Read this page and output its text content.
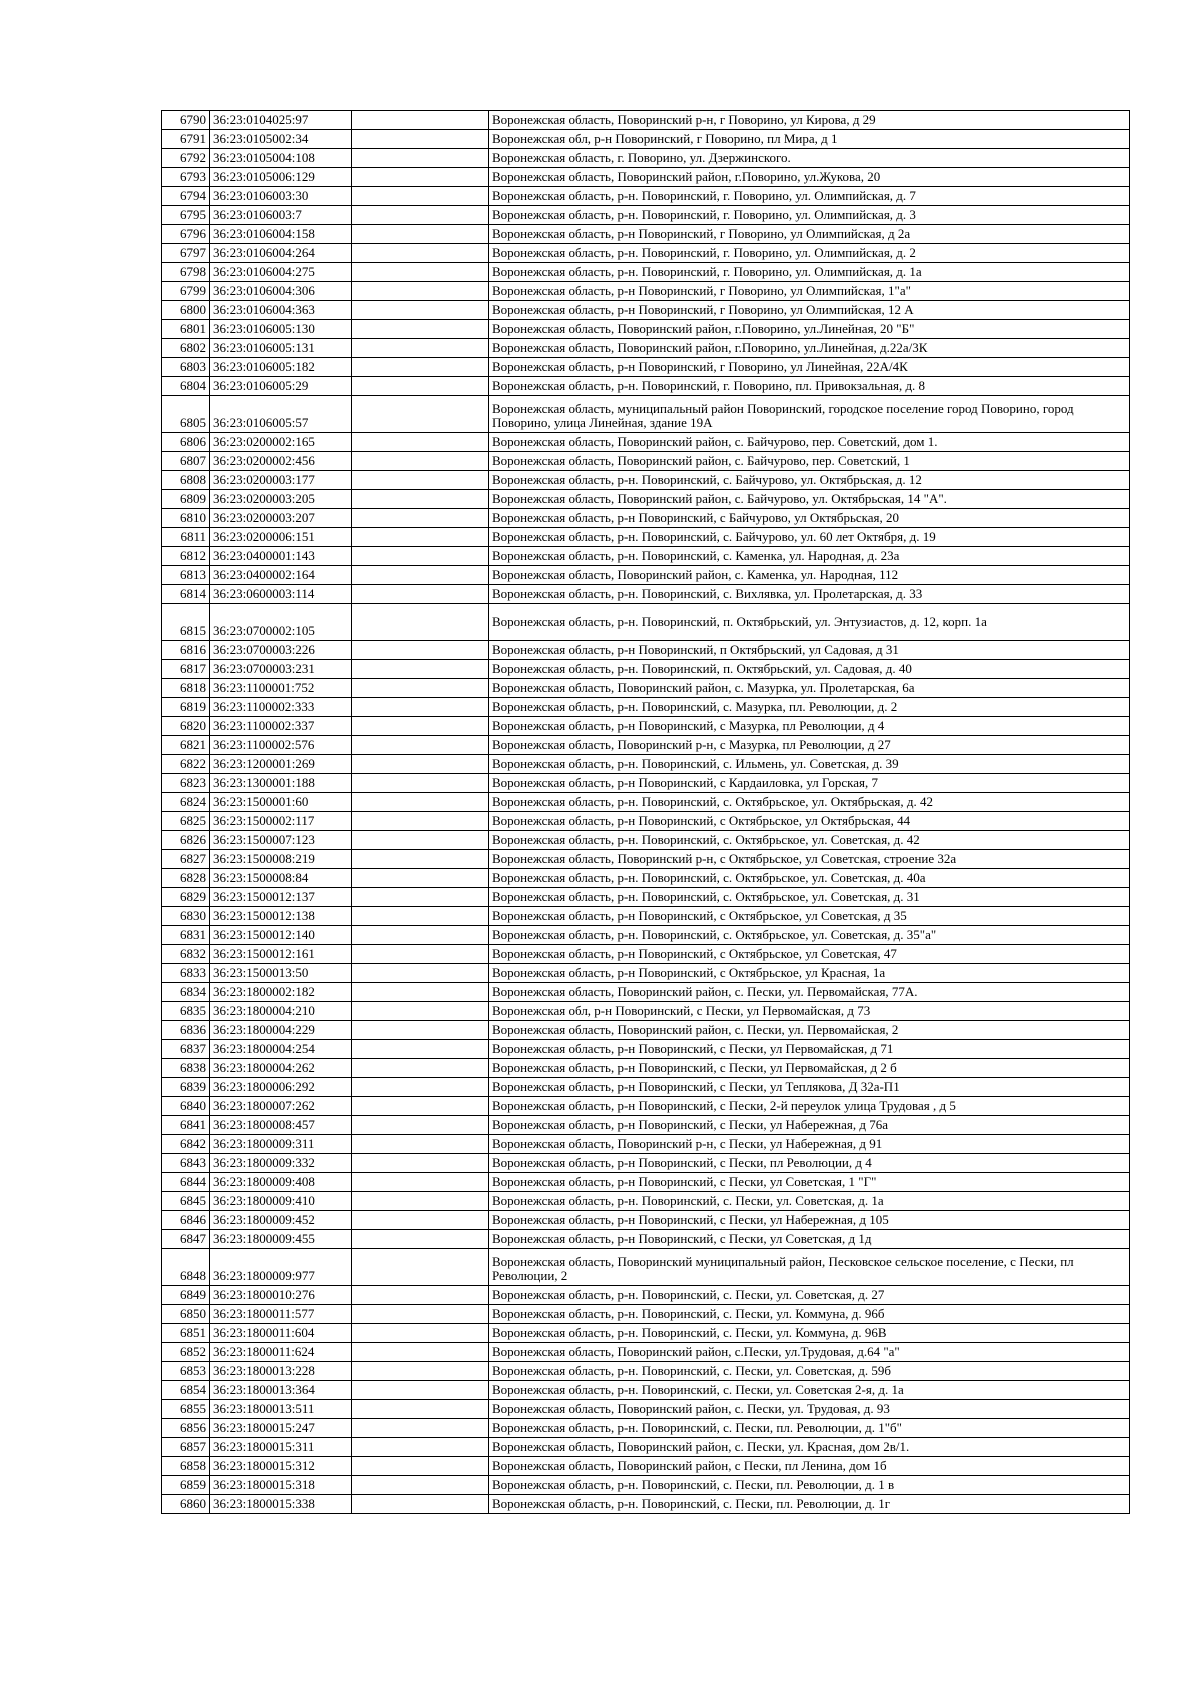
6790	36:23:0104025:97		Воронежская область, Поворинский р-н, г Поворино, ул Кирова, д 29
6791	36:23:0105002:34		Воронежская обл, р-н Поворинский, г Поворино, пл Мира, д 1
6792	36:23:0105004:108		Воронежская область, г. Поворино, ул. Дзержинского.
6793	36:23:0105006:129		Воронежская область, Поворинский район, г.Поворино, ул.Жукова, 20
6794	36:23:0106003:30		Воронежская область, р-н. Поворинский, г. Поворино, ул. Олимпийская, д. 7
6795	36:23:0106003:7		Воронежская область, р-н. Поворинский, г. Поворино, ул. Олимпийская, д. 3
6796	36:23:0106004:158		Воронежская область, р-н Поворинский, г Поворино, ул Олимпийская, д 2а
6797	36:23:0106004:264		Воронежская область, р-н. Поворинский, г. Поворино, ул. Олимпийская, д. 2
6798	36:23:0106004:275		Воронежская область, р-н. Поворинский, г. Поворино, ул. Олимпийская, д. 1а
6799	36:23:0106004:306		Воронежская область, р-н Поворинский, г Поворино, ул Олимпийская, 1"а"
6800	36:23:0106004:363		Воронежская область, р-н Поворинский, г Поворино, ул Олимпийская, 12 А
6801	36:23:0106005:130		Воронежская область, Поворинский район, г.Поворино, ул.Линейная, 20 "Б"
6802	36:23:0106005:131		Воронежская область, Поворинский район, г.Поворино, ул.Линейная, д.22а/3К
6803	36:23:0106005:182		Воронежская область, р-н Поворинский, г Поворино, ул Линейная, 22А/4К
6804	36:23:0106005:29		Воронежская область, р-н. Поворинский, г. Поворино, пл. Привокзальная, д. 8
6805	36:23:0106005:57		Воронежская область, муниципальный район Поворинский, городское поселение город Поворино, город Поворино, улица Линейная, здание 19А
6806	36:23:0200002:165		Воронежская область, Поворинский район, с. Байчурово, пер. Советский, дом 1.
6807	36:23:0200002:456		Воронежская область, Поворинский район, с. Байчурово, пер. Советский, 1
6808	36:23:0200003:177		Воронежская область, р-н. Поворинский, с. Байчурово, ул. Октябрьская, д. 12
6809	36:23:0200003:205		Воронежская область, Поворинский район, с. Байчурово, ул. Октябрьская, 14 "А".
6810	36:23:0200003:207		Воронежская область, р-н Поворинский, с Байчурово, ул Октябрьская, 20
6811	36:23:0200006:151		Воронежская область, р-н. Поворинский, с. Байчурово, ул. 60 лет Октября, д. 19
6812	36:23:0400001:143		Воронежская область, р-н. Поворинский, с. Каменка, ул. Народная, д. 23а
6813	36:23:0400002:164		Воронежская область, Поворинский район, с. Каменка, ул. Народная, 112
6814	36:23:0600003:114		Воронежская область, р-н. Поворинский, с. Вихлявка, ул. Пролетарская, д. 33
6815	36:23:0700002:105		Воронежская область, р-н. Поворинский, п. Октябрьский, ул. Энтузиастов, д. 12, корп. 1а
6816	36:23:0700003:226		Воронежская область, р-н Поворинский, п Октябрьский, ул Садовая, д 31
6817	36:23:0700003:231		Воронежская область, р-н. Поворинский, п. Октябрьский, ул. Садовая, д. 40
6818	36:23:1100001:752		Воронежская область, Поворинский район, с. Мазурка, ул. Пролетарская, 6а
6819	36:23:1100002:333		Воронежская область, р-н. Поворинский, с. Мазурка, пл. Революции, д. 2
6820	36:23:1100002:337		Воронежская область, р-н Поворинский, с Мазурка, пл Революции, д 4
6821	36:23:1100002:576		Воронежская область, Поворинский р-н, с Мазурка, пл Революции, д 27
6822	36:23:1200001:269		Воронежская область, р-н. Поворинский, с. Ильмень, ул. Советская, д. 39
6823	36:23:1300001:188		Воронежская область, р-н Поворинский, с Кардаиловка, ул Горская, 7
6824	36:23:1500001:60		Воронежская область, р-н. Поворинский, с. Октябрьское, ул. Октябрьская, д. 42
6825	36:23:1500002:117		Воронежская область, р-н Поворинский, с Октябрьское, ул Октябрьская, 44
6826	36:23:1500007:123		Воронежская область, р-н. Поворинский, с. Октябрьское, ул. Советская, д. 42
6827	36:23:1500008:219		Воронежская область, Поворинский р-н, с Октябрьское, ул Советская, строение 32а
6828	36:23:1500008:84		Воронежская область, р-н. Поворинский, с. Октябрьское, ул. Советская, д. 40а
6829	36:23:1500012:137		Воронежская область, р-н. Поворинский, с. Октябрьское, ул. Советская, д. 31
6830	36:23:1500012:138		Воронежская область, р-н Поворинский, с Октябрьское, ул Советская, д 35
6831	36:23:1500012:140		Воронежская область, р-н. Поворинский, с. Октябрьское, ул. Советская, д. 35"а"
6832	36:23:1500012:161		Воронежская область, р-н Поворинский, с Октябрьское, ул Советская, 47
6833	36:23:1500013:50		Воронежская область, р-н Поворинский, с Октябрьское, ул Красная, 1а
6834	36:23:1800002:182		Воронежская область, Поворинский район, с. Пески, ул. Первомайская, 77А.
6835	36:23:1800004:210		Воронежская обл, р-н Поворинский, с Пески, ул Первомайская, д 73
6836	36:23:1800004:229		Воронежская область, Поворинский район, с. Пески, ул. Первомайская, 2
6837	36:23:1800004:254		Воронежская область, р-н Поворинский, с Пески, ул Первомайская, д 71
6838	36:23:1800004:262		Воронежская область, р-н Поворинский, с Пески, ул Первомайская, д 2 б
6839	36:23:1800006:292		Воронежская область, р-н Поворинский, с Пески, ул Теплякова, Д 32а-П1
6840	36:23:1800007:262		Воронежская область, р-н Поворинский, с Пески, 2-й переулок улица Трудовая , д 5
6841	36:23:1800008:457		Воронежская область, р-н Поворинский, с Пески, ул Набережная, д 76а
6842	36:23:1800009:311		Воронежская область, Поворинский р-н, с Пески, ул Набережная, д 91
6843	36:23:1800009:332		Воронежская область, р-н Поворинский, с Пески, пл Революции, д 4
6844	36:23:1800009:408		Воронежская область, р-н Поворинский, с Пески, ул Советская, 1 "Г"
6845	36:23:1800009:410		Воронежская область, р-н. Поворинский, с. Пески, ул. Советская, д. 1а
6846	36:23:1800009:452		Воронежская область, р-н Поворинский, с Пески, ул Набережная, д 105
6847	36:23:1800009:455		Воронежская область, р-н Поворинский, с Пески, ул Советская, д 1д
6848	36:23:1800009:977		Воронежская область, Поворинский муниципальный район, Песковское сельское поселение, с Пески, пл Революции, 2
6849	36:23:1800010:276		Воронежская область, р-н. Поворинский, с. Пески, ул. Советская, д. 27
6850	36:23:1800011:577		Воронежская область, р-н. Поворинский, с. Пески, ул. Коммуна, д. 96б
6851	36:23:1800011:604		Воронежская область, р-н. Поворинский, с. Пески, ул. Коммуна, д. 96В
6852	36:23:1800011:624		Воронежская область, Поворинский район, с.Пески, ул.Трудовая, д.64 "а"
6853	36:23:1800013:228		Воронежская область, р-н. Поворинский, с. Пески, ул. Советская, д. 59б
6854	36:23:1800013:364		Воронежская область, р-н. Поворинский, с. Пески, ул. Советская 2-я, д. 1а
6855	36:23:1800013:511		Воронежская область, Поворинский район, с. Пески, ул. Трудовая, д. 93
6856	36:23:1800015:247		Воронежская область, р-н. Поворинский, с. Пески, пл. Революции, д. 1"б"
6857	36:23:1800015:311		Воронежская область, Поворинский район, с. Пески, ул. Красная, дом 2в/1.
6858	36:23:1800015:312		Воронежская область, Поворинский район, с Пески, пл Ленина, дом 1б
6859	36:23:1800015:318		Воронежская область, р-н. Поворинский, с. Пески, пл. Революции, д. 1 в
6860	36:23:1800015:338		Воронежская область, р-н. Поворинский, с. Пески, пл. Революции, д. 1г
